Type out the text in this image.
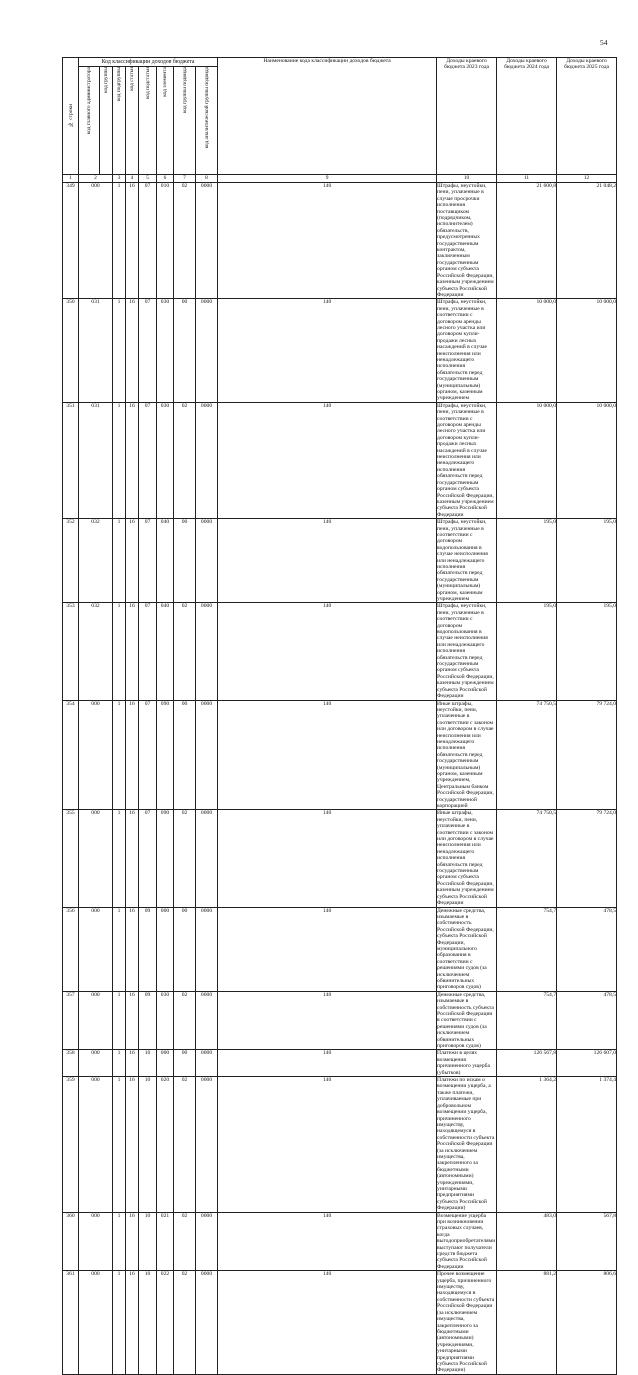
54
№ строки	Код классификации доходов бюджета								Наименование кода классификации доходов бюджета	Доходы краевого бюджета 2023 года	Доходы краевого бюджета 2024 года	Доходы краевого бюджета 2025 года	

	код главного администратора	код группы	код подгруппы	код статьи	код подстатьи	код элемента	код группы подвида	код аналитической группы подвида					

1	2		3	4	5	6	7	8	9	10	11	12	
349	000		1	16	07	010	02	0000	140	Штрафы, неустойки, пени, уплаченные в случае просрочки исполнения поставщиком (подрядчиком, исполнителем) обязательств, предусмотренных государственным контрактом, заключенным государственным органом субъекта Российской Федерации, казенным учреждением субъекта Российской Федерации	21 600,8	21 048,2	
350	031		1	16	07	030	00	0000	140	Штрафы, неустойки, пени, уплаченные в соответствии с договором аренды лесного участка или договором купли-продажи лесных насаждений в случае неисполнения или ненадлежащего исполнения обязательств перед государственным (муниципальным) органом, казенным учреждением	10 000,0	10 000,0	
351	031		1	16	07	030	02	0000	140	Штрафы, неустойки, пени, уплаченные в соответствии с договором аренды лесного участка или договором купли-продажи лесных насаждений в случае неисполнения или ненадлежащего исполнения обязательств перед государственным органом субъекта Российской Федерации, казенным учреждением субъекта Российской Федерации	10 000,0	10 000,0	
352	032		1	16	07	040	00	0000	140	Штрафы, неустойки, пени, уплаченные в соответствии с договором водопользования в случае неисполнения или ненадлежащего исполнения обязательств перед государственным (муниципальным) органом, казенным учреждением	195,0	195,0	
353	032		1	16	07	040	02	0000	140	Штрафы, неустойки, пени, уплаченные в соответствии с договором водопользования в случае неисполнения или ненадлежащего исполнения обязательств перед государственным органом субъекта Российской Федерации, казенным учреждением субъекта Российской Федерации	195,0	195,0	
354	000		1	16	07	090	00	0000	140	Иные штрафы, неустойки, пени, уплаченные в соответствии с законом или договором в случае неисполнения или ненадлежащего исполнения обязательств перед государственным (муниципальным) органом, казенным учреждением, Центральным банком Российской Федерации, государственной корпорацией	74 750,5	79 724,0	
355	000		1	16	07	090	02	0000	140	Иные штрафы, неустойки, пени, уплаченные в соответствии с законом или договором в случае неисполнения или ненадлежащего исполнения обязательств перед государственным органом субъекта Российской Федерации, казенным учреждением субъекта Российской Федерации	74 750,5	79 724,0	
356	000		1	16	09	000	00	0000	140	Денежные средства, изымаемые в собственность Российской Федерации, субъекта Российской Федерации, муниципального образования в соответствии с решениями судов (за исключением обвинительных приговоров судов)	754,7	478,5	
357	000		1	16	09	030	02	0000	140	Денежные средства, изымаемые в собственность субъекта Российской Федерации в соответствии с решениями судов (за исключением обвинительных приговоров судов)	754,7	478,5	
358	000		1	16	10	000	00	0000	140	Платежи в целях возмещения причиненного ущерба (убытков)	126 567,8	126 607,0	
359	000		1	16	10	020	02	0000	140	Платежи по искам о возмещении ущерба, а также платежи, уплачиваемые при добровольном возмещении ущерба, причиненного имуществу, находящемуся в собственности субъекта Российской Федерации (за исключением имущества, закрепленного за бюджетными (автономными) учреждениями, унитарными предприятиями субъекта Российской Федерации)	1 364,2	1 374,4	
360	000		1	16	10	021	02	0000	140	Возмещение ущерба при возникновении страховых случаев, когда выгодоприобретателями выступают получатели средств бюджета субъекта Российской Федерации	483,0	567,8	
361	000		1	16	10	022	02	0000	140	Прочее возмещение ущерба, причиненного имуществу, находящемуся в собственности субъекта Российской Федерации (за исключением имущества, закрепленного за бюджетными (автономными) учреждениями, унитарными предприятиями субъекта Российской Федерации)	881,2	806,6	
